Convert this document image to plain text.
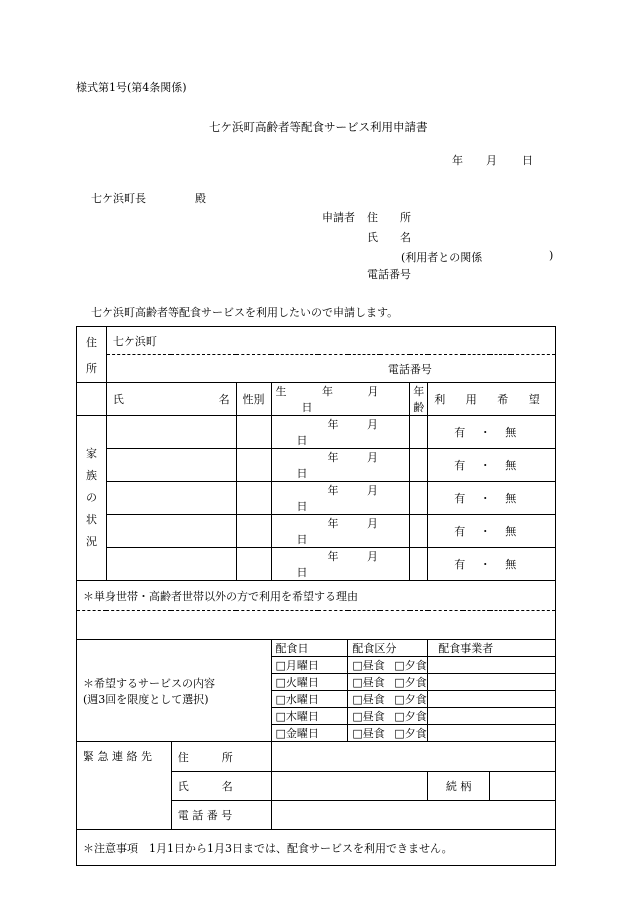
様式第1号(第4条関係)
七ケ浜町高齢者等配食サービス利用申請書
年 月 日
七ケ浜町長	殿
申請者 住　　所
氏　　名
(利用者との関係	)
電話番号
七ケ浜町高齢者等配食サービスを利用したいので申請します。
住
所	七ケ浜町							
	電話番号							
	氏 名		性別	生 年 月 日		年齢	利 用 希 望	

家
族
の
状
況				年 月 日			有 ・ 無	
				年 月 日			有 ・ 無	
				年 月 日			有 ・ 無	
				年 月 日			有 ・ 無	
				年 月 日			有 ・ 無	
＊単身世帯・高齢者世帯以外の方で利用を希望する理由								

＊希望するサービスの内容
(週3回を限度として選択)				配食日	配食区分		配食事業者	
				□月曜日	□昼食 □夕食			
				□火曜日	□昼食 □夕食			
				□水曜日	□昼食 □夕食			
				□木曜日	□昼食 □夕食			
				□金曜日	□昼食 □夕食			
緊 急 連 絡 先		住　　　所						
		氏　　　名					続 柄	
		電 話 番 号						
＊注意事項　1月1日から1月3日までは、配食サービスを利用できません。								
